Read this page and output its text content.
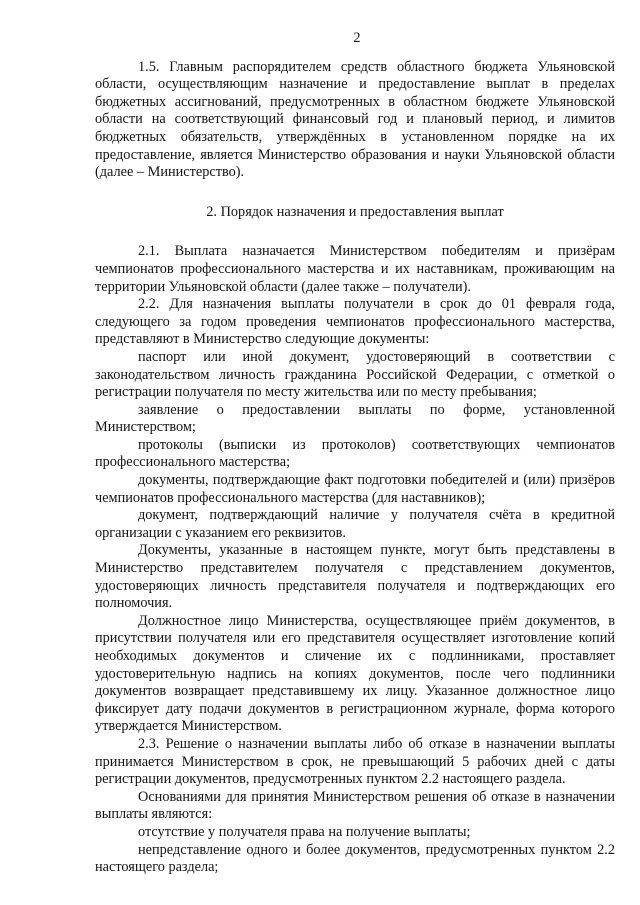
2

1.5. Главным распорядителем средств областного бюджета Ульяновской области, осуществляющим назначение и предоставление выплат в пределах бюджетных ассигнований, предусмотренных в областном бюджете Ульяновской области на соответствующий финансовый год и плановый период, и лимитов бюджетных обязательств, утверждённых в установленном порядке на их предоставление, является Министерство образования и науки Ульяновской области (далее – Министерство).

2. Порядок назначения и предоставления выплат

2.1. Выплата назначается Министерством победителям и призёрам чемпионатов профессионального мастерства и их наставникам, проживающим на территории Ульяновской области (далее также – получатели).

2.2. Для назначения выплаты получатели в срок до 01 февраля года, следующего за годом проведения чемпионатов профессионального мастерства, представляют в Министерство следующие документы:

паспорт или иной документ, удостоверяющий в соответствии с законодательством личность гражданина Российской Федерации, с отметкой о регистрации получателя по месту жительства или по месту пребывания;

заявление о предоставлении выплаты по форме, установленной Министерством;

протоколы (выписки из протоколов) соответствующих чемпионатов профессионального мастерства;

документы, подтверждающие факт подготовки победителей и (или) призёров чемпионатов профессионального мастерства (для наставников);

документ, подтверждающий наличие у получателя счёта в кредитной организации с указанием его реквизитов.

Документы, указанные в настоящем пункте, могут быть представлены в Министерство представителем получателя с представлением документов, удостоверяющих личность представителя получателя и подтверждающих его полномочия.

Должностное лицо Министерства, осуществляющее приём документов, в присутствии получателя или его представителя осуществляет изготовление копий необходимых документов и сличение их с подлинниками, проставляет удостоверительную надпись на копиях документов, после чего подлинники документов возвращает представившему их лицу. Указанное должностное лицо фиксирует дату подачи документов в регистрационном журнале, форма которого утверждается Министерством.

2.3. Решение о назначении выплаты либо об отказе в назначении выплаты принимается Министерством в срок, не превышающий 5 рабочих дней с даты регистрации документов, предусмотренных пунктом 2.2 настоящего раздела.

Основаниями для принятия Министерством решения об отказе в назначении выплаты являются:

отсутствие у получателя права на получение выплаты;

непредставление одного и более документов, предусмотренных пунктом 2.2 настоящего раздела;
